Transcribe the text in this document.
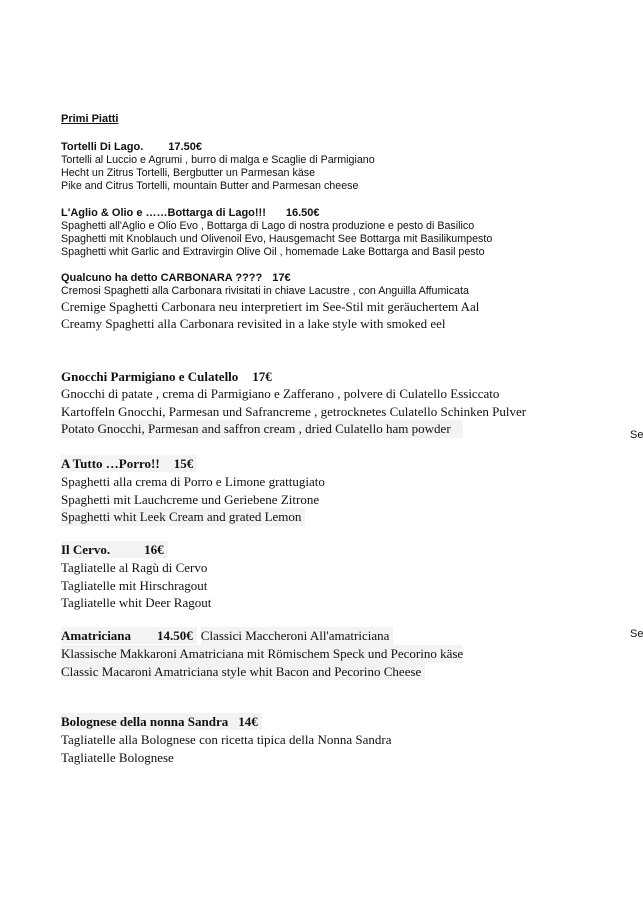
Primi Piatti
Tortelli Di Lago. 17.50€
Tortelli al Luccio e Agrumi , burro di malga e Scaglie di Parmigiano
Hecht un Zitrus Tortelli, Bergbutter un Parmesan käse
Pike and Citrus Tortelli, mountain Butter and Parmesan cheese
L'Aglio & Olio e ……Bottarga di Lago!!! 16.50€
Spaghetti all'Aglio e Olio Evo , Bottarga di Lago di nostra produzione e pesto di Basilico
Spaghetti mit Knoblauch und Olivenoil Evo, Hausgemacht See Bottarga mit Basilikumpesto
Spaghetti whit Garlic and Extravirgin Olive Oil , homemade Lake Bottarga and Basil pesto
Qualcuno ha detto CARBONARA ???? 17€
Cremosi Spaghetti alla Carbonara rivisitati in chiave Lacustre , con Anguilla Affumicata
Cremige Spaghetti Carbonara neu interpretiert im See-Stil mit geräuchertem Aal
Creamy Spaghetti alla Carbonara revisited in a lake style with smoked eel
Gnocchi Parmigiano e Culatello 17€
Gnocchi di patate , crema di Parmigiano e Zafferano , polvere di Culatello Essiccato
Kartoffeln Gnocchi, Parmesan und Safrancreme , getrocknetes Culatello Schinken Pulver
Potato Gnocchi, Parmesan and saffron cream , dried Culatello ham powder
A Tutto …Porro!! 15€
Spaghetti alla crema di Porro e Limone grattugiato
Spaghetti mit Lauchcreme und Geriebene Zitrone
Spaghetti whit Leek Cream and grated Lemon
Il Cervo.	16€
Tagliatelle al Ragù di Cervo
Tagliatelle mit Hirschragout
Tagliatelle whit Deer Ragout
Amatriciana 14.50€ Classici Maccheroni All'amatriciana
Klassische Makkaroni Amatriciana mit Römischem Speck und Pecorino käse
Classic Macaroni Amatriciana style whit Bacon and Pecorino Cheese
Bolognese della nonna Sandra 14€
Tagliatelle alla Bolognese con ricetta tipica della Nonna Sandra
Tagliatelle Bolognese
Se
Se
